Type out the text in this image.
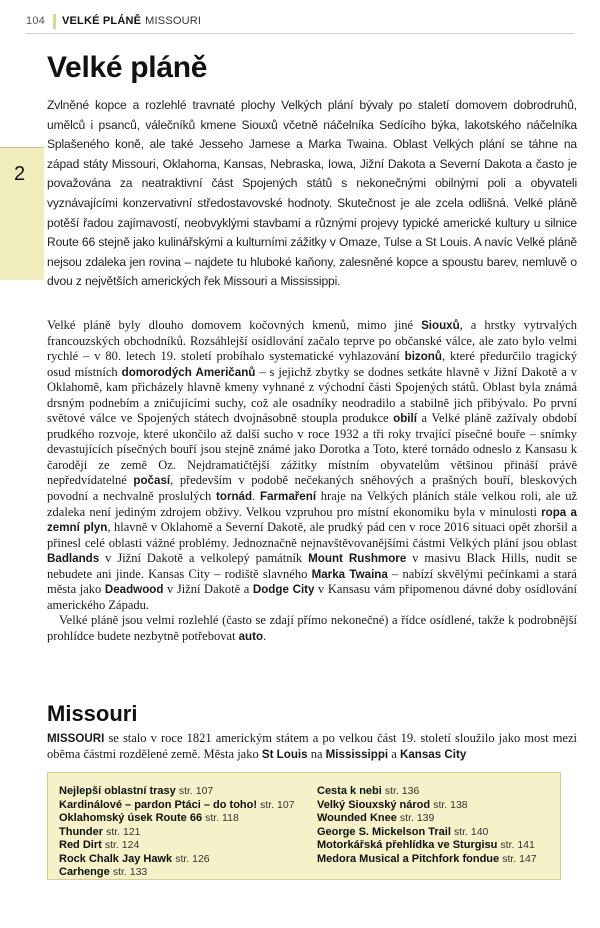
104 VELKÉ PLÁNĚ MISSOURI
2
Velké pláně

Zvlněné kopce a rozlehlé travnaté plochy Velkých plání bývaly po staletí domovem dobrodruhů, umělců i psanců, válečníků kmene Siouxů včetně náčelníka Sedícího býka, lakotského náčelníka Splašeného koně, ale také Jesseho Jamese a Marka Twaina. Oblast Velkých plání se táhne na západ státy Missouri, Oklahoma, Kansas, Nebraska, Iowa, Jižní Dakota a Severní Dakota a často je považována za neatraktivní část Spojených států s nekonečnými obilnými poli a obyvateli vyznávajícími konzervativní středostavovské hodnoty. Skutečnost je ale zcela odlišná. Velké pláně potěší řadou zajímavostí, neobvyklými stavbami a různými projevy typické americké kultury u silnice Route 66 stejně jako kulinářskými a kulturními zážitky v Omaze, Tulse a St Louis. A navíc Velké pláně nejsou zdaleka jen rovina – najdete tu hluboké kaňony, zalesněné kopce a spoustu barev, nemluvě o dvou z největších amerických řek Missouri a Mississippi.

Velké pláně byly dlouho domovem kočovných kmenů, mimo jiné Siouxů, a hrstky vytrvalých francouzských obchodníků. Rozsáhlejší osídlování začalo teprve po občanské válce, ale zato bylo velmi rychlé – v 80. letech 19. století probíhalo systematické vyhlazování bizonů, které předurčilo tragický osud místních domorodých Američanů – s jejichž zbytky se dodnes setkáte hlavně v Jižní Dakotě a v Oklahomě, kam přicházely hlavně kmeny vyhnané z východní části Spojených států. Oblast byla známá drsným podnebím a zničujícími suchy, což ale osadníky neodradilo a stabilně jich přibývalo. Po první světové válce ve Spojených státech dvojnásobně stoupla produkce obilí a Velké pláně zažívaly období prudkého rozvoje, které ukončilo až další sucho v roce 1932 a tři roky trvající písečné bouře – snímky devastujících písečných bouří jsou stejně známé jako Dorotka a Toto, které tornádo odneslo z Kansasu k čaroději ze země Oz. Nejdramatičtější zážitky místním obyvatelům většinou přináší právě nepředvídatelné počasí, především v podobě nečekaných sněhových a prašných bouří, bleskových povodní a nechvalně proslulých tornád. Farmaření hraje na Velkých pláních stále velkou roli, ale už zdaleka není jediným zdrojem obživy. Velkou vzpruhou pro místní ekonomiku byla v minulosti ropa a zemní plyn, hlavně v Oklahomě a Severní Dakotě, ale prudký pád cen v roce 2016 situaci opět zhoršil a přinesl celé oblasti vážné problémy. Jednoznačně nejnavštěvovanějšími částmi Velkých plání jsou oblast Badlands v Jižní Dakotě a velkolepý památník Mount Rushmore v masivu Black Hills, nudit se nebudete ani jinde. Kansas City – rodiště slavného Marka Twaina – nabízí skvělými pečínkami a stará města jako Deadwood v Jižní Dakotě a Dodge City v Kansasu vám připomenou dávné doby osídlování amerického Západu.

Velké pláně jsou velmi rozlehlé (často se zdají přímo nekonečné) a řídce osídlené, takže k podrobnější prohlídce budete nezbytně potřebovat auto.

Missouri

MISSOURI se stalo v roce 1821 americkým státem a po velkou část 19. století sloužilo jako most mezi oběma částmi rozdělené země. Města jako St Louis na Mississippi a Kansas City

Nejlepší oblastní trasy str. 107
Kardinálové – pardon Ptáci – do toho! str. 107
Oklahomský úsek Route 66 str. 118
Thunder str. 121
Red Dirt str. 124
Rock Chalk Jay Hawk str. 126
Carhenge str. 133
Cesta k nebi str. 136
Velký Siouxský národ str. 138
Wounded Knee str. 139
George S. Mickelson Trail str. 140
Motorkářská přehlídka ve Sturgisu str. 141
Medora Musical a Pitchfork fondue str. 147
